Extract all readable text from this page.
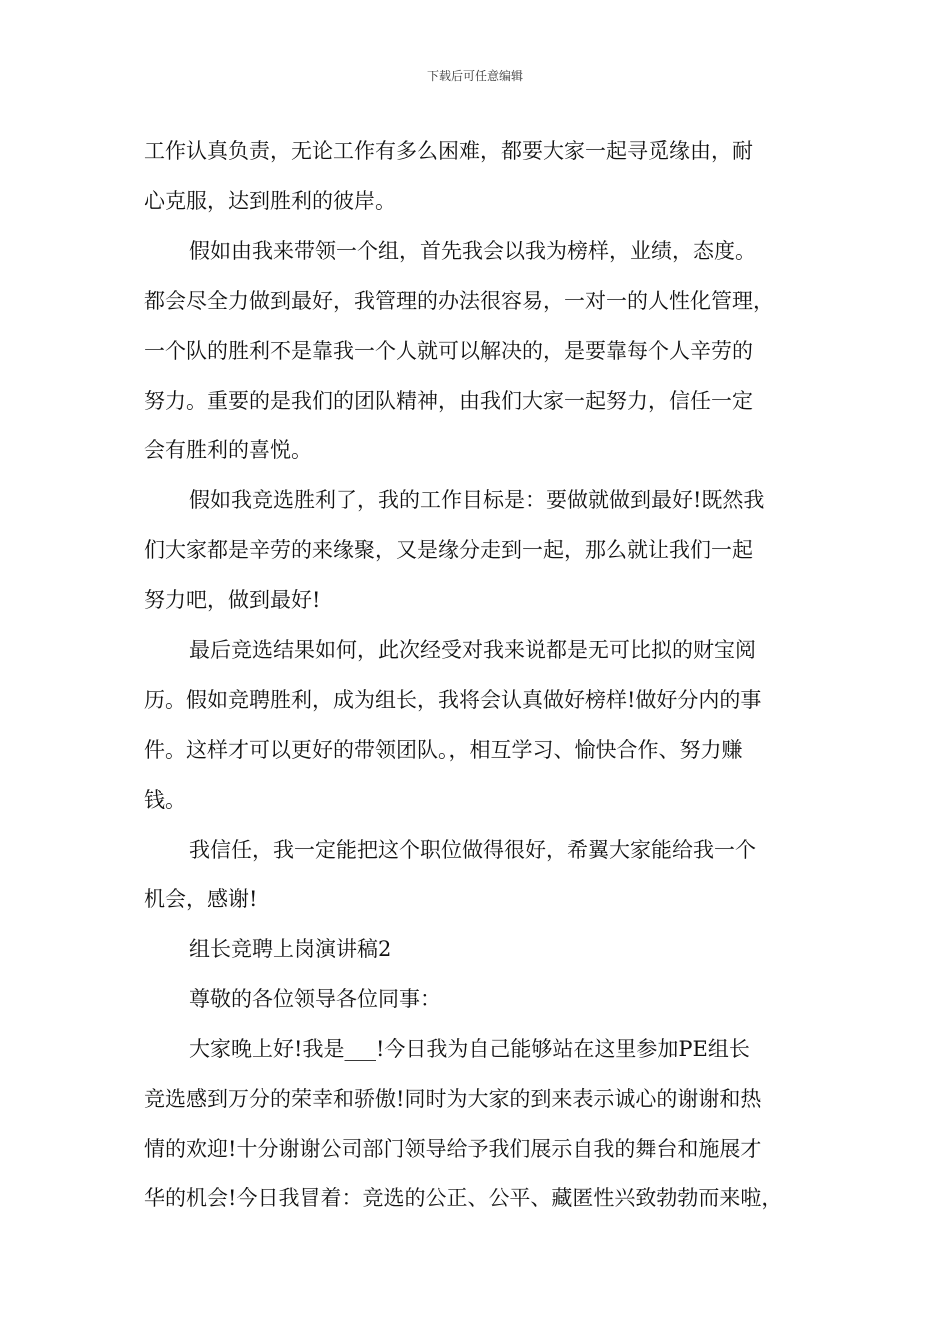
下载后可任意编辑
工作认真负责，无论工作有多么困难，都要大家一起寻觅缘由，耐
心克服，达到胜利的彼岸。
假如由我来带领一个组，首先我会以我为榜样，业绩，态度。
都会尽全力做到最好，我管理的办法很容易，一对一的人性化管理，
一个队的胜利不是靠我一个人就可以解决的，是要靠每个人辛劳的
努力。重要的是我们的团队精神，由我们大家一起努力，信任一定
会有胜利的喜悦。
假如我竞选胜利了，我的工作目标是：要做就做到最好!既然我
们大家都是辛劳的来缘聚，又是缘分走到一起，那么就让我们一起
努力吧，做到最好!
最后竞选结果如何，此次经受对我来说都是无可比拟的财宝阅
历。假如竞聘胜利，成为组长，我将会认真做好榜样!做好分内的事
件。这样才可以更好的带领团队。，相互学习、愉快合作、努力赚
钱。
我信任，我一定能把这个职位做得很好，希翼大家能给我一个
机会，感谢!
组长竞聘上岗演讲稿2
尊敬的各位领导各位同事：
大家晚上好!我是___!今日我为自己能够站在这里参加PE组长
竞选感到万分的荣幸和骄傲!同时为大家的到来表示诚心的谢谢和热
情的欢迎!十分谢谢公司部门领导给予我们展示自我的舞台和施展才
华的机会!今日我冒着：竞选的公正、公平、藏匿性兴致勃勃而来啦，
